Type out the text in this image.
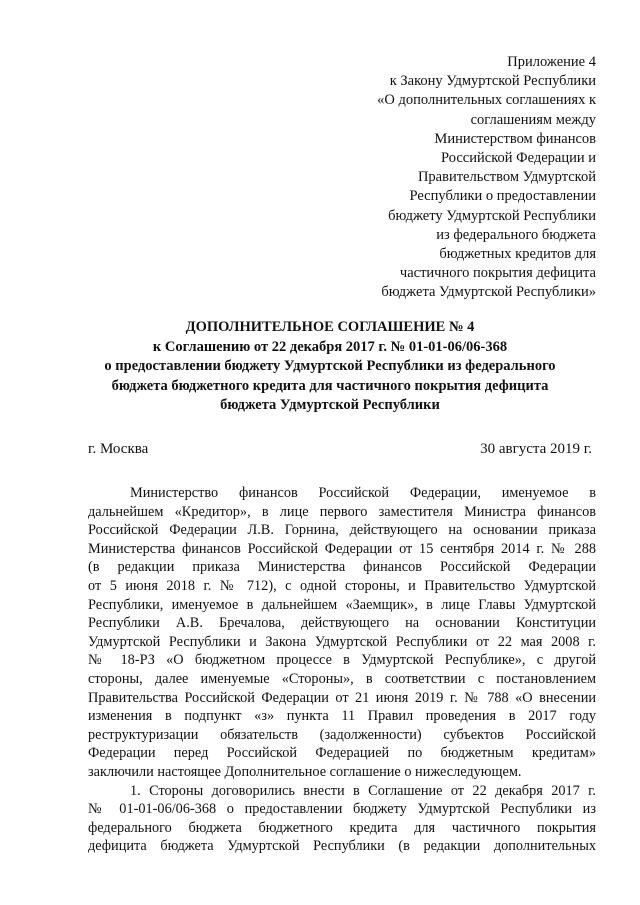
Приложение 4
к Закону Удмуртской Республики
«О дополнительных соглашениях к
соглашениям между
Министерством финансов
Российской Федерации и
Правительством Удмуртской
Республики о предоставлении
бюджету Удмуртской Республики
из федерального бюджета
бюджетных кредитов для
частичного покрытия дефицита
бюджета Удмуртской Республики»
ДОПОЛНИТЕЛЬНОЕ СОГЛАШЕНИЕ № 4
к Соглашению от 22 декабря 2017 г. № 01-01-06/06-368
о предоставлении бюджету Удмуртской Республики из федерального
бюджета бюджетного кредита для частичного покрытия дефицита
бюджета Удмуртской Республики
г. Москва	30 августа 2019 г.
Министерство финансов Российской Федерации, именуемое в
дальнейшем «Кредитор», в лице первого заместителя Министра финансов
Российской Федерации Л.В. Горнина, действующего на основании приказа
Министерства финансов Российской Федерации от 15 сентября 2014 г. № 288
(в редакции приказа Министерства финансов Российской Федерации
от 5 июня 2018 г. № 712), с одной стороны, и Правительство Удмуртской
Республики, именуемое в дальнейшем «Заемщик», в лице Главы Удмуртской
Республики А.В. Бречалова, действующего на основании Конституции
Удмуртской Республики и Закона Удмуртской Республики от 22 мая 2008 г.
№ 18-РЗ «О бюджетном процессе в Удмуртской Республике», с другой
стороны, далее именуемые «Стороны», в соответствии с постановлением
Правительства Российской Федерации от 21 июня 2019 г. № 788 «О внесении
изменения в подпункт «з» пункта 11 Правил проведения в 2017 году
реструктуризации обязательств (задолженности) субъектов Российской
Федерации перед Российской Федерацией по бюджетным кредитам»
заключили настоящее Дополнительное соглашение о нижеследующем.
1. Стороны договорились внести в Соглашение от 22 декабря 2017 г.
№ 01-01-06/06-368 о предоставлении бюджету Удмуртской Республики из
федерального бюджета бюджетного кредита для частичного покрытия
дефицита бюджета Удмуртской Республики (в редакции дополнительных
